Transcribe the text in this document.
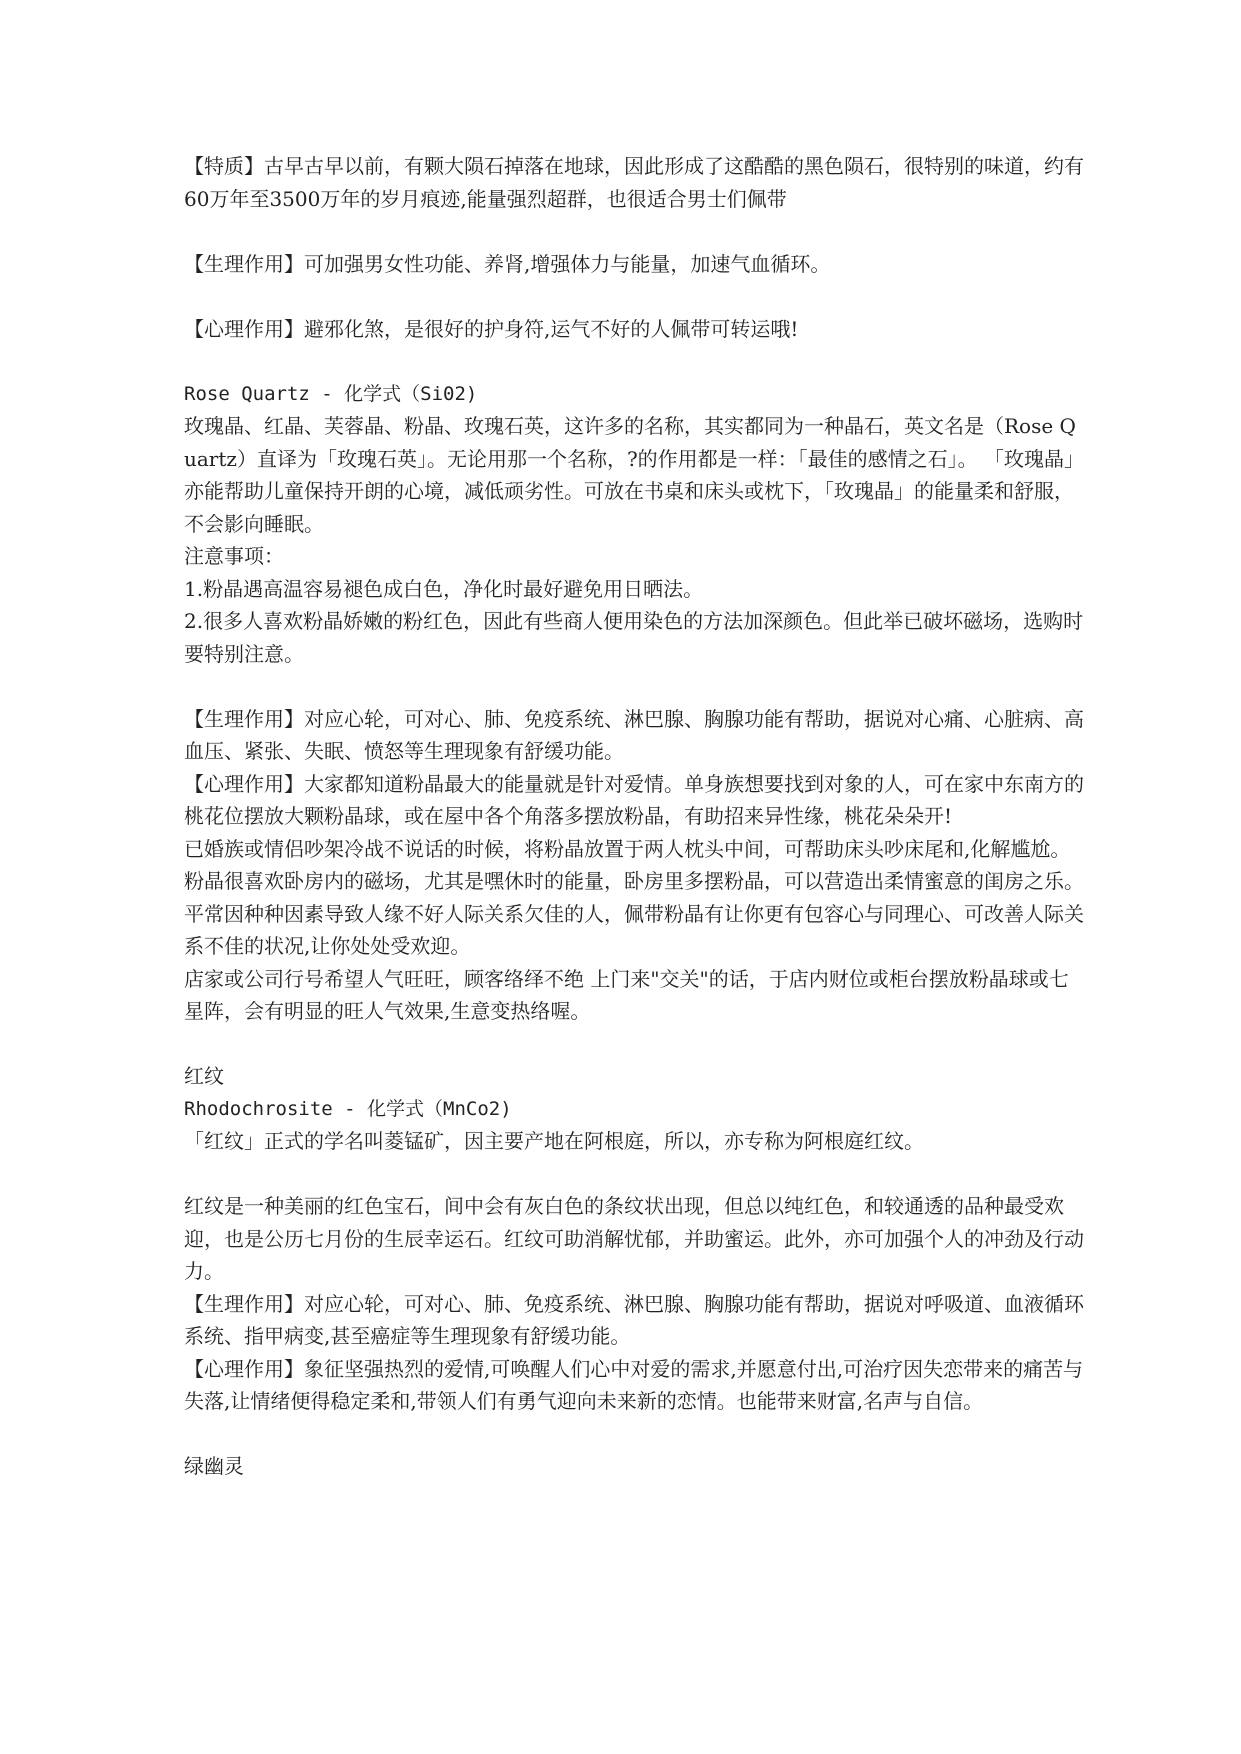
【特质】古早古早以前，有颗大陨石掉落在地球，因此形成了这酷酷的黑色陨石，很特别的味道，约有60万年至3500万年的岁月痕迹,能量强烈超群，也很适合男士们佩带

【生理作用】可加强男女性功能、养肾,增强体力与能量，加速气血循环。

【心理作用】避邪化煞，是很好的护身符,运气不好的人佩带可转运哦!

Rose Quartz - 化学式（Si02)

玫瑰晶、红晶、芙蓉晶、粉晶、玫瑰石英，这许多的名称，其实都同为一种晶石，英文名是（Rose Quartz）直译为「玫瑰石英」。无论用那一个名称，?的作用都是一样：「最佳的感情之石」。 「玫瑰晶」亦能帮助儿童保持开朗的心境，减低顽劣性。可放在书桌和床头或枕下，「玫瑰晶」的能量柔和舒服，不会影向睡眠。

注意事项：

1.粉晶遇高温容易褪色成白色，净化时最好避免用日晒法。

2.很多人喜欢粉晶娇嫩的粉红色，因此有些商人便用染色的方法加深颜色。但此举已破坏磁场，选购时要特别注意。

【生理作用】对应心轮，可对心、肺、免疫系统、淋巴腺、胸腺功能有帮助，据说对心痛、心脏病、高血压、紧张、失眠、愤怒等生理现象有舒缓功能。

【心理作用】大家都知道粉晶最大的能量就是针对爱情。单身族想要找到对象的人，可在家中东南方的桃花位摆放大颗粉晶球，或在屋中各个角落多摆放粉晶，有助招来异性缘，桃花朵朵开!

已婚族或情侣吵架冷战不说话的时候，将粉晶放置于两人枕头中间，可帮助床头吵床尾和,化解尴尬。粉晶很喜欢卧房内的磁场，尤其是嘿休时的能量，卧房里多摆粉晶，可以营造出柔情蜜意的闺房之乐。

平常因种种因素导致人缘不好人际关系欠佳的人，佩带粉晶有让你更有包容心与同理心、可改善人际关系不佳的状况,让你处处受欢迎。

店家或公司行号希望人气旺旺，顾客络绎不绝 上门来"交关"的话，于店内财位或柜台摆放粉晶球或七星阵，会有明显的旺人气效果,生意变热络喔。

红纹

Rhodochrosite - 化学式（MnCo2)

「红纹」正式的学名叫菱锰矿，因主要产地在阿根庭，所以，亦专称为阿根庭红纹。

红纹是一种美丽的红色宝石，间中会有灰白色的条纹状出现，但总以纯红色，和较通透的品种最受欢迎，也是公历七月份的生辰幸运石。红纹可助消解忧郁，并助蜜运。此外，亦可加强个人的冲劲及行动力。

【生理作用】对应心轮，可对心、肺、免疫系统、淋巴腺、胸腺功能有帮助，据说对呼吸道、血液循环系统、指甲病变,甚至癌症等生理现象有舒缓功能。

【心理作用】象征坚强热烈的爱情,可唤醒人们心中对爱的需求,并愿意付出,可治疗因失恋带来的痛苦与失落,让情绪便得稳定柔和,带领人们有勇气迎向未来新的恋情。也能带来财富,名声与自信。

绿幽灵
